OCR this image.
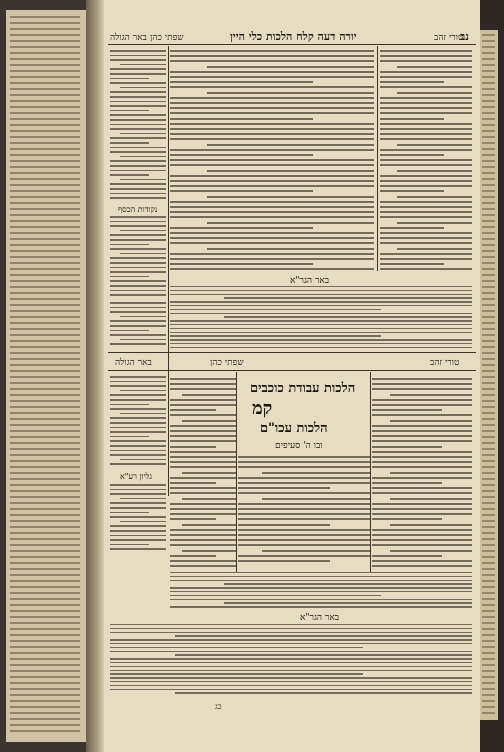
נב
טורי זהב
יורה דעה קלח הלכות כלי היין
שפתי כהן
באר הגולה
נקודות הכסף
באר הגר"א
טורי זהב
שפתי כהן
באר הגולה
הלכות עבודת כוכבים
קמ
הלכות עכו"ם
ובו ה' סעיפים
גליון רע"א
באר הגר"א
כג
